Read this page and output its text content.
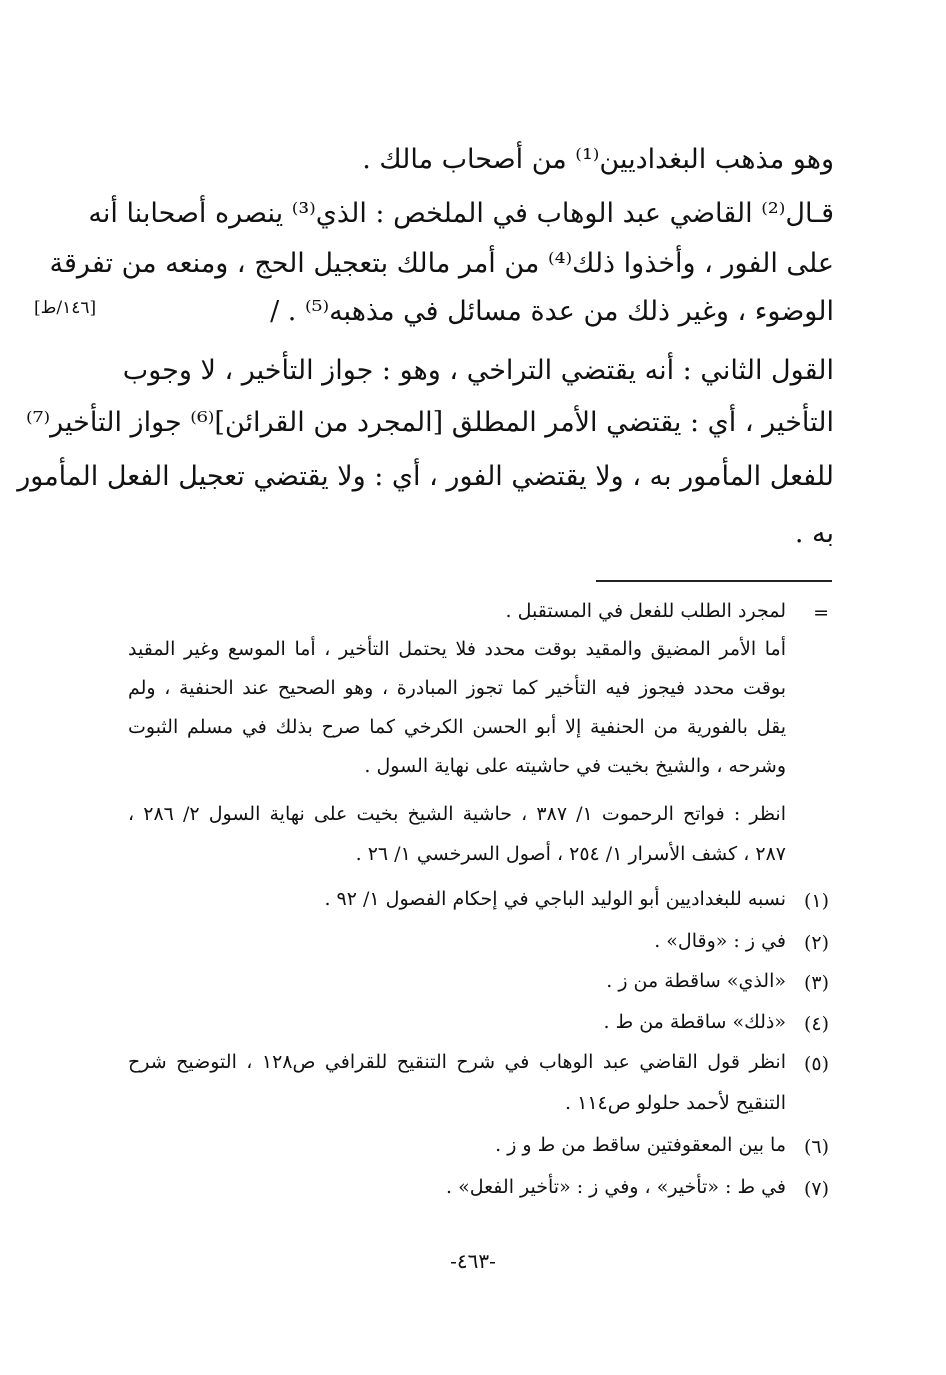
وهو مذهب البغداديين⁽¹⁾ من أصحاب مالك .
قـال⁽²⁾ القاضي عبد الوهاب في الملخص : الذي⁽³⁾ ينصره أصحابنا أنه
على الفور ، وأخذوا ذلك⁽⁴⁾ من أمر مالك بتعجيل الحج ، ومنعه من تفرقة
الوضوء ، وغير ذلك من عدة مسائل في مذهبه⁽⁵⁾ . /
[١٤٦/ط]
القول الثاني : أنه يقتضي التراخي ، وهو : جواز التأخير ، لا وجوب
التأخير ، أي : يقتضي الأمر المطلق [المجرد من القرائن]⁽⁶⁾ جواز التأخير⁽⁷⁾
للفعل المأمور به ، ولا يقتضي الفور ، أي : ولا يقتضي تعجيل الفعل المأمور
به .
=
لمجرد الطلب للفعل في المستقبل .
أما الأمر المضيق والمقيد بوقت محدد فلا يحتمل التأخير ، أما الموسع وغير المقيد
بوقت محدد فيجوز فيه التأخير كما تجوز المبادرة ، وهو الصحيح عند الحنفية ، ولم
يقل بالفورية من الحنفية إلا أبو الحسن الكرخي كما صرح بذلك في مسلم الثبوت
وشرحه ، والشيخ بخيت في حاشيته على نهاية السول .
انظر : فواتح الرحموت ١/ ٣٨٧ ، حاشية الشيخ بخيت على نهاية السول ٢/ ٢٨٦ ،
٢٨٧ ، كشف الأسرار ١/ ٢٥٤ ، أصول السرخسي ١/ ٢٦ .
(١)
نسبه للبغداديين أبو الوليد الباجي في إحكام الفصول ١/ ٩٢ .
(٢)
في ز : «وقال» .
(٣)
«الذي» ساقطة من ز .
(٤)
«ذلك» ساقطة من ط .
(٥)
انظر قول القاضي عبد الوهاب في شرح التنقيح للقرافي ص١٢٨ ، التوضيح شرح
التنقيح لأحمد حلولو ص١١٤ .
(٦)
ما بين المعقوفتين ساقط من ط و ز .
(٧)
في ط : «تأخير» ، وفي ز : «تأخير الفعل» .
-٤٦٣-
